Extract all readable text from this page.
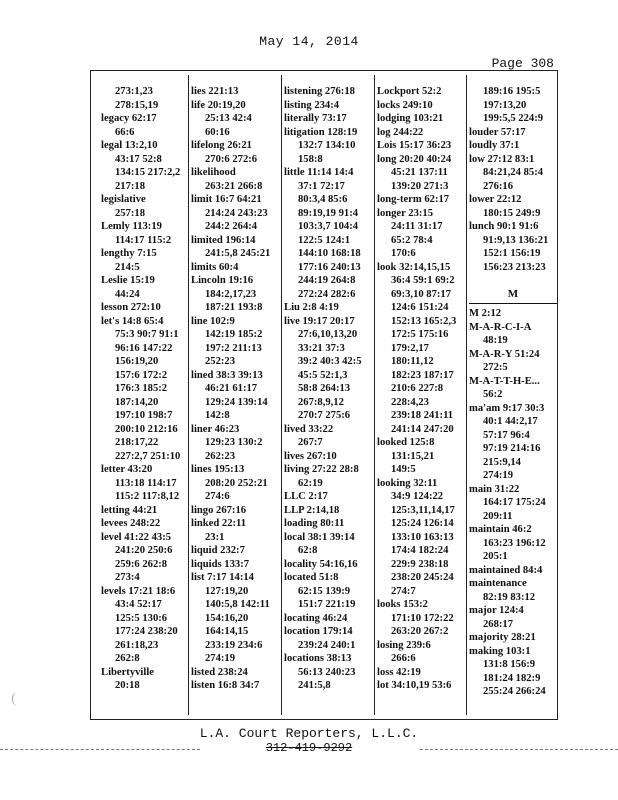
May 14, 2014
Page 308
273:1,23
278:15,19
legacy 62:17
66:6
legal 13:2,10
43:17 52:8
134:15 217:2,2
217:18
legislative
257:18
Lemly 113:19
114:17 115:2
lengthy 7:15
214:5
Leslie 15:19
44:24
lesson 272:10
let's 14:8 65:4
75:3 90:7 91:1
96:16 147:22
156:19,20
157:6 172:2
176:3 185:2
187:14,20
197:10 198:7
200:10 212:16
218:17,22
227:2,7 251:10
letter 43:20
113:18 114:17
115:2 117:8,12
letting 44:21
levees 248:22
level 41:22 43:5
241:20 250:6
259:6 262:8
273:4
levels 17:21 18:6
43:4 52:17
125:5 130:6
177:24 238:20
261:18,23
262:8
Libertyville
20:18
lies 221:13
life 20:19,20
25:13 42:4
60:16
lifelong 26:21
270:6 272:6
likelihood
263:21 266:8
limit 16:7 64:21
214:24 243:23
244:2 264:4
limited 196:14
241:5,8 245:21
limits 60:4
Lincoln 19:16
184:2,17,23
187:21 193:8
line 102:9
142:19 185:2
197:2 211:13
252:23
lined 38:3 39:13
46:21 61:17
129:24 139:14
142:8
liner 46:23
129:23 130:2
262:23
lines 195:13
208:20 252:21
274:6
lingo 267:16
linked 22:11
23:1
liquid 232:7
liquids 133:7
list 7:17 14:14
127:19,20
140:5,8 142:11
154:16,20
164:14,15
233:19 234:6
274:19
listed 238:24
listen 16:8 34:7
listening 276:18
listing 234:4
literally 73:17
litigation 128:19
132:7 134:10
158:8
little 11:14 14:4
37:1 72:17
80:3,4 85:6
89:19,19 91:4
103:3,7 104:4
122:5 124:1
144:10 168:18
177:16 240:13
244:19 264:8
272:24 282:6
Liu 2:8 4:19
live 19:17 20:17
27:6,10,13,20
33:21 37:3
39:2 40:3 42:5
45:5 52:1,3
58:8 264:13
267:8,9,12
270:7 275:6
lived 33:22
267:7
lives 267:10
living 27:22 28:8
62:19
LLC 2:17
LLP 2:14,18
loading 80:11
local 38:1 39:14
62:8
locality 54:16,16
located 51:8
62:15 139:9
151:7 221:19
locating 46:24
location 179:14
239:24 240:1
locations 38:13
56:13 240:23
241:5,8
Lockport 52:2
locks 249:10
lodging 103:21
log 244:22
Lois 15:17 36:23
long 20:20 40:24
45:21 137:11
139:20 271:3
long-term 62:17
longer 23:15
24:11 31:17
65:2 78:4
170:6
look 32:14,15,15
36:4 59:1 69:2
69:3,10 87:17
124:6 151:24
152:13 165:2,3
172:5 175:16
179:2,17
180:11,12
182:23 187:17
210:6 227:8
228:4,23
239:18 241:11
241:14 247:20
looked 125:8
131:15,21
149:5
looking 32:11
34:9 124:22
125:3,11,14,17
125:24 126:14
133:10 163:13
174:4 182:24
229:9 238:18
238:20 245:24
274:7
looks 153:2
171:10 172:22
263:20 267:2
losing 239:6
266:6
loss 42:19
lot 34:10,19 53:6
189:16 195:5
197:13,20
199:5,5 224:9
louder 57:17
loudly 37:1
low 27:12 83:1
84:21,24 85:4
276:16
lower 22:12
180:15 249:9
lunch 90:1 91:6
91:9,13 136:21
152:1 156:19
156:23 213:23

M
M 2:12
M-A-R-C-I-A
48:19
M-A-R-Y 51:24
272:5
M-A-T-T-H-E...
56:2
ma'am 9:17 30:3
40:1 44:2,17
57:17 96:4
97:19 214:16
215:9,14
274:19
main 31:22
164:17 175:24
209:11
maintain 46:2
163:23 196:12
205:1
maintained 84:4
maintenance
82:19 83:12
major 124:4
268:17
majority 28:21
making 103:1
131:8 156:9
181:24 182:9
255:24 266:24
L.A. Court Reporters, L.L.C.
312-419-9292
